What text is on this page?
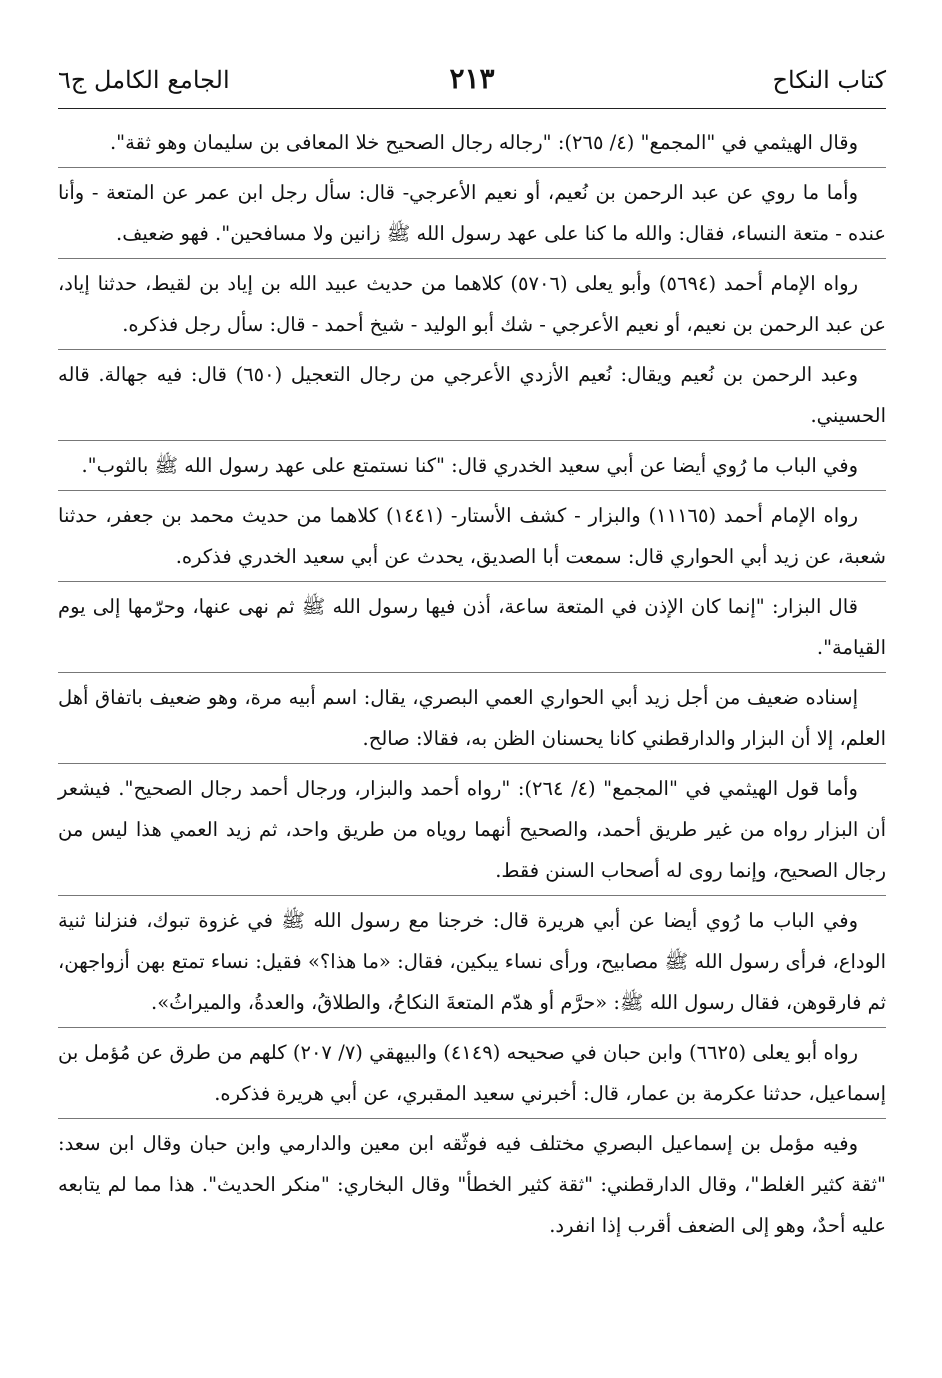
كتاب النكاح
٢١٣
الجامع الكامل ج٦

وقال الهيثمي في "المجمع" (٤/ ٢٦٥): "رجاله رجال الصحيح خلا المعافى بن سليمان وهو ثقة".

وأما ما روي عن عبد الرحمن بن نُعيم، أو نعيم الأعرجي- قال: سأل رجل ابن عمر عن المتعة - وأنا عنده - متعة النساء، فقال: والله ما كنا على عهد رسول الله ﷺ زانين ولا مسافحين". فهو ضعيف.

رواه الإمام أحمد (٥٦٩٤) وأبو يعلى (٥٧٠٦) كلاهما من حديث عبيد الله بن إياد بن لقيط، حدثنا إياد، عن عبد الرحمن بن نعيم، أو نعيم الأعرجي - شك أبو الوليد - شيخ أحمد - قال: سأل رجل فذكره.

وعبد الرحمن بن نُعيم ويقال: نُعيم الأزدي الأعرجي من رجال التعجيل (٦٥٠) قال: فيه جهالة. قاله الحسيني.

وفي الباب ما رُوي أيضا عن أبي سعيد الخدري قال: "كنا نستمتع على عهد رسول الله ﷺ بالثوب".

رواه الإمام أحمد (١١١٦٥) والبزار - كشف الأستار- (١٤٤١) كلاهما من حديث محمد بن جعفر، حدثنا شعبة، عن زيد أبي الحواري قال: سمعت أبا الصديق، يحدث عن أبي سعيد الخدري فذكره.

قال البزار: "إنما كان الإذن في المتعة ساعة، أذن فيها رسول الله ﷺ ثم نهى عنها، وحرّمها إلى يوم القيامة".

إسناده ضعيف من أجل زيد أبي الحواري العمي البصري، يقال: اسم أبيه مرة، وهو ضعيف باتفاق أهل العلم، إلا أن البزار والدارقطني كانا يحسنان الظن به، فقالا: صالح.

وأما قول الهيثمي في "المجمع" (٤/ ٢٦٤): "رواه أحمد والبزار، ورجال أحمد رجال الصحيح". فيشعر أن البزار رواه من غير طريق أحمد، والصحيح أنهما روياه من طريق واحد، ثم زيد العمي هذا ليس من رجال الصحيح، وإنما روى له أصحاب السنن فقط.

وفي الباب ما رُوي أيضا عن أبي هريرة قال: خرجنا مع رسول الله ﷺ في غزوة تبوك، فنزلنا ثنية الوداع، فرأى رسول الله ﷺ مصابيح، ورأى نساء يبكين، فقال: «ما هذا؟» فقيل: نساء تمتع بهن أزواجهن، ثم فارقوهن، فقال رسول الله ﷺ: «حرَّم أو هدّم المتعةَ النكاحُ، والطلاقُ، والعدةُ، والميراثُ».

رواه أبو يعلى (٦٦٢٥) وابن حبان في صحيحه (٤١٤٩) والبيهقي (٧/ ٢٠٧) كلهم من طرق عن مُؤمل بن إسماعيل، حدثنا عكرمة بن عمار، قال: أخبرني سعيد المقبري، عن أبي هريرة فذكره.

وفيه مؤمل بن إسماعيل البصري مختلف فيه فوثّقه ابن معين والدارمي وابن حبان وقال ابن سعد: "ثقة كثير الغلط"، وقال الدارقطني: "ثقة كثير الخطأ" وقال البخاري: "منكر الحديث". هذا مما لم يتابعه عليه أحدٌ، وهو إلى الضعف أقرب إذا انفرد.
